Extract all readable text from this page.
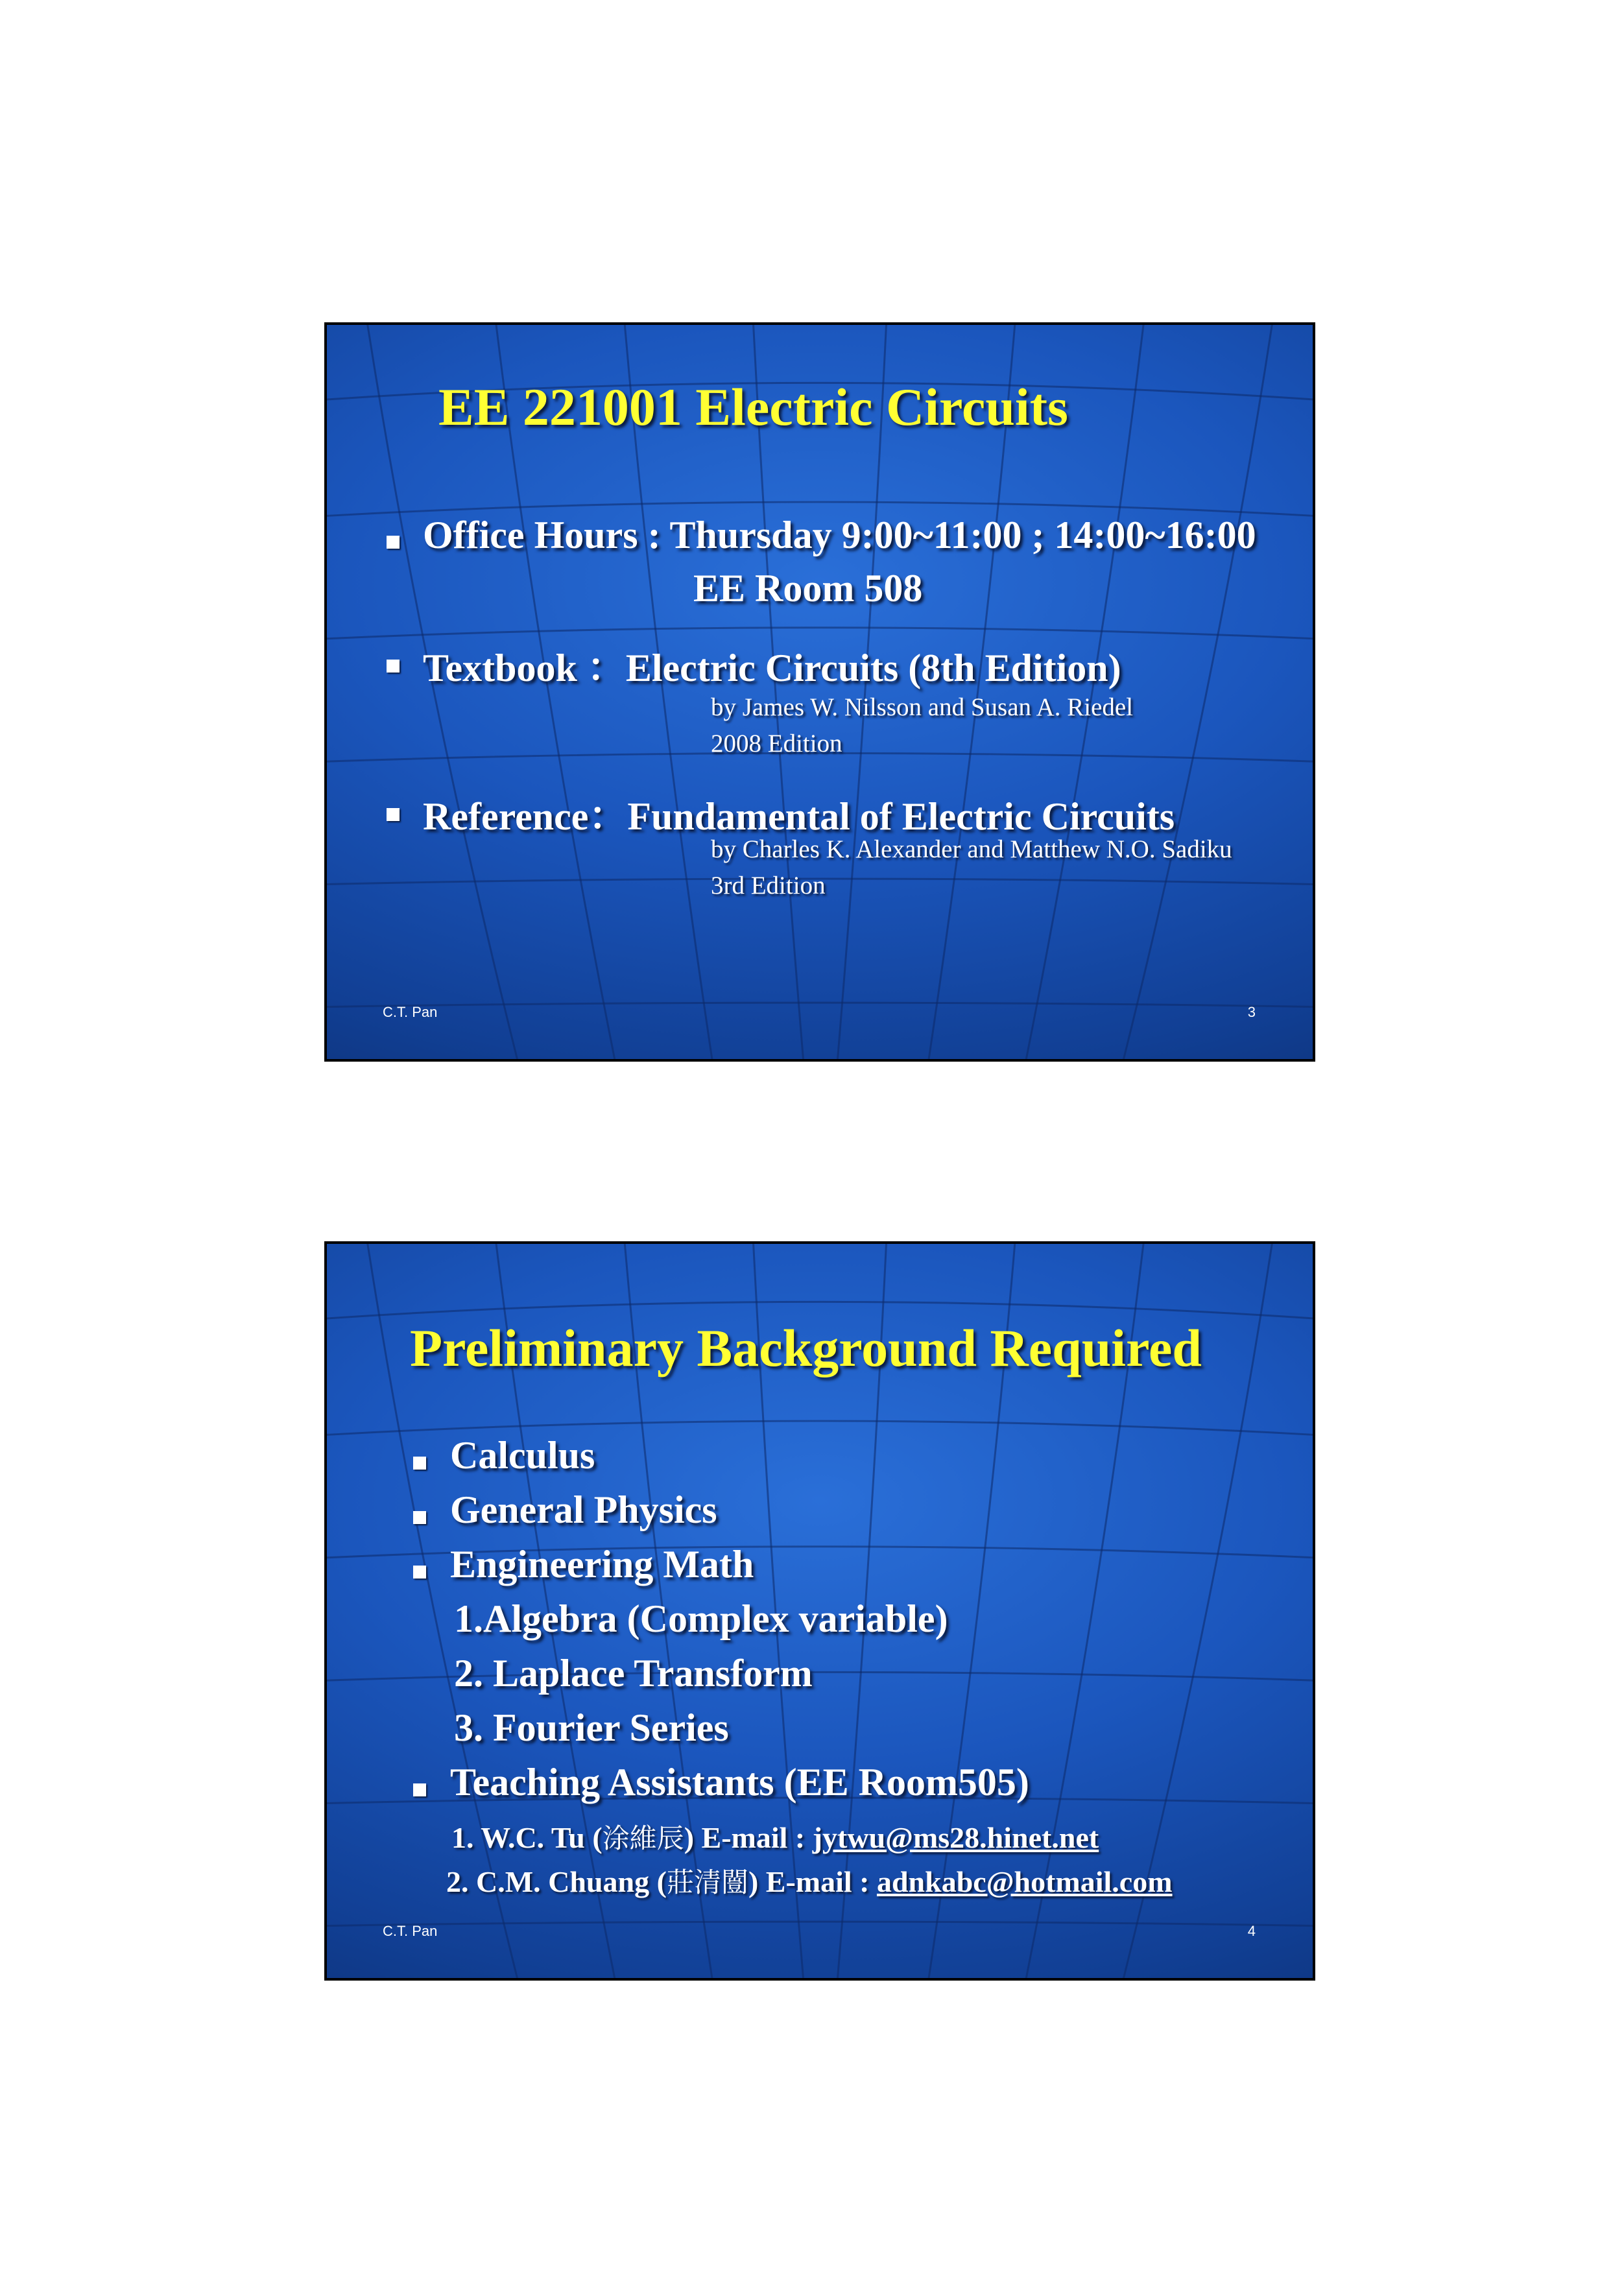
EE 221001 Electric Circuits
Office Hours : Thursday 9:00~11:00 ; 14:00~16:00
EE Room 508
Textbook ：Electric Circuits (8th Edition)
by James W. Nilsson and Susan A. Riedel
2008 Edition
Reference：Fundamental of Electric Circuits
by Charles K. Alexander and Matthew N.O. Sadiku
3rd Edition
C.T. Pan	3
Preliminary Background Required
Calculus
General Physics
Engineering Math
1.Algebra (Complex variable)
2. Laplace Transform
3. Fourier Series
Teaching Assistants (EE Room505)
1. W.C. Tu (涂維辰) E-mail : jytwu@ms28.hinet.net
2. C.M. Chuang (莊清闓) E-mail : adnkabc@hotmail.com
C.T. Pan	4
